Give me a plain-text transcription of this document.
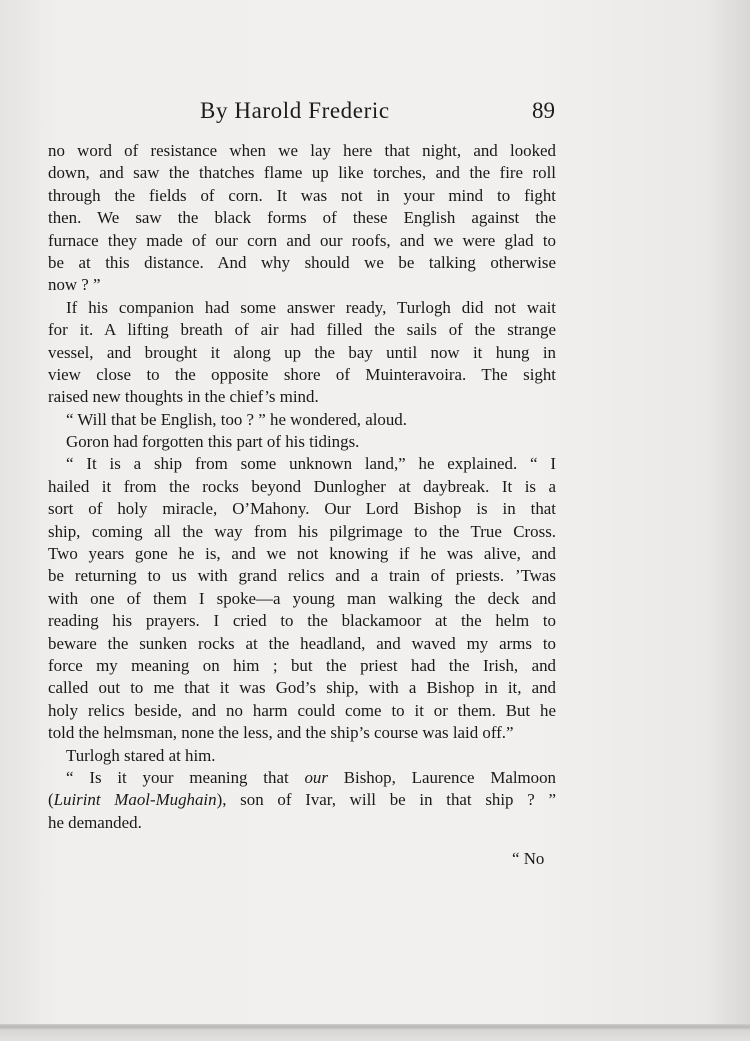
By Harold Frederic	89
no word of resistance when we lay here that night, and looked
down, and saw the thatches flame up like torches, and the fire roll
through the fields of corn. It was not in your mind to fight
then. We saw the black forms of these English against the
furnace they made of our corn and our roofs, and we were glad to
be at this distance. And why should we be talking otherwise
now ? ”
If his companion had some answer ready, Turlogh did not wait
for it. A lifting breath of air had filled the sails of the strange
vessel, and brought it along up the bay until now it hung in
view close to the opposite shore of Muinteravoira. The sight
raised new thoughts in the chief’s mind.
“ Will that be English, too ? ” he wondered, aloud.
Goron had forgotten this part of his tidings.
“ It is a ship from some unknown land,” he explained. “ I
hailed it from the rocks beyond Dunlogher at daybreak. It is a
sort of holy miracle, O’Mahony. Our Lord Bishop is in that
ship, coming all the way from his pilgrimage to the True Cross.
Two years gone he is, and we not knowing if he was alive, and
be returning to us with grand relics and a train of priests. ’Twas
with one of them I spoke—a young man walking the deck and
reading his prayers. I cried to the blackamoor at the helm to
beware the sunken rocks at the headland, and waved my arms to
force my meaning on him ; but the priest had the Irish, and
called out to me that it was God’s ship, with a Bishop in it, and
holy relics beside, and no harm could come to it or them. But he
told the helmsman, none the less, and the ship’s course was laid off.”
Turlogh stared at him.
“ Is it your meaning that our Bishop, Laurence Malmoon
(Luirint Maol-Mughain), son of Ivar, will be in that ship ? ”
he demanded.
“ No
